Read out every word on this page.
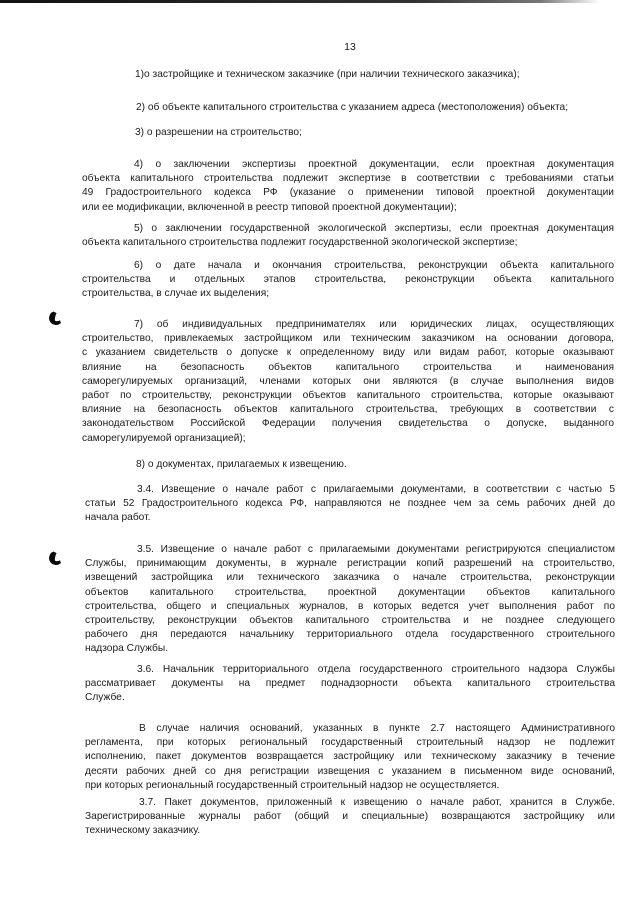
13
1)о застройщике и техническом заказчике (при наличии технического заказчика);
2) об объекте капитального строительства с указанием адреса (местоположения) объекта;
3) о разрешении на строительство;
4) о заключении экспертизы проектной документации, если проектная документация
объекта капитального строительства подлежит экспертизе в соответствии с требованиями статьи
49 Градостроительного кодекса РФ (указание о применении типовой проектной документации
или ее модификации, включенной в реестр типовой проектной документации);
5) о заключении государственной экологической экспертизы, если проектная документация
объекта капитального строительства подлежит государственной экологической экспертизе;
6) о дате начала и окончания строительства, реконструкции объекта капитального
строительства и отдельных этапов строительства, реконструкции объекта капитального
строительства, в случае их выделения;
7) об индивидуальных предпринимателях или юридических лицах, осуществляющих
строительство, привлекаемых застройщиком или техническим заказчиком на основании договора,
с указанием свидетельств о допуске к определенному виду или видам работ, которые оказывают
влияние на безопасность объектов капитального строительства и наименования
саморегулируемых организаций, членами которых они являются (в случае выполнения видов
работ по строительству, реконструкции объектов капитального строительства, которые оказывают
влияние на безопасность объектов капитального строительства, требующих в соответствии с
законодательством Российской Федерации получения свидетельства о допуске, выданного
саморегулируемой организацией);
8) о документах, прилагаемых к извещению.
3.4. Извещение о начале работ с прилагаемыми документами, в соответствии с частью 5
статьи 52 Градостроительного кодекса РФ, направляются не позднее чем за семь рабочих дней до
начала работ.
3.5. Извещение о начале работ с прилагаемыми документами регистрируются специалистом
Службы, принимающим документы, в журнале регистрации копий разрешений на строительство,
извещений застройщика или технического заказчика о начале строительства, реконструкции
объектов капитального строительства, проектной документации объектов капитального
строительства, общего и специальных журналов, в которых ведется учет выполнения работ по
строительству, реконструкции объектов капитального строительства и не позднее следующего
рабочего дня передаются начальнику территориального отдела государственного строительного
надзора Службы.
3.6. Начальник территориального отдела государственного строительного надзора Службы
рассматривает документы на предмет поднадзорности объекта капитального строительства
Службе.
В случае наличия оснований, указанных в пункте 2.7 настоящего Административного
регламента, при которых региональный государственный строительный надзор не подлежит
исполнению, пакет документов возвращается застройщику или техническому заказчику в течение
десяти рабочих дней со дня регистрации извещения с указанием в письменном виде оснований,
при которых региональный государственный строительный надзор не осуществляется.
3.7. Пакет документов, приложенный к извещению о начале работ, хранится в Службе.
Зарегистрированные журналы работ (общий и специальные) возвращаются застройщику или
техническому заказчику.
